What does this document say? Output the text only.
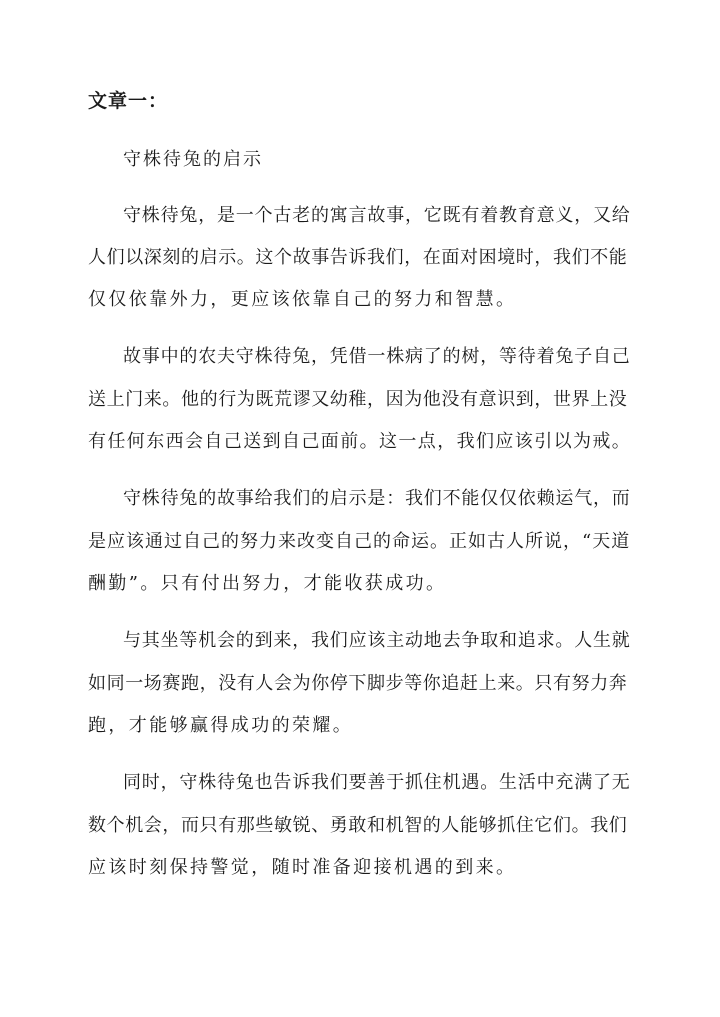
文章一：
守株待兔的启示
守株待兔，是一个古老的寓言故事，它既有着教育意义，又给
人们以深刻的启示。这个故事告诉我们，在面对困境时，我们不能
仅仅依靠外力，更应该依靠自己的努力和智慧。
故事中的农夫守株待兔，凭借一株病了的树，等待着兔子自己
送上门来。他的行为既荒谬又幼稚，因为他没有意识到，世界上没
有任何东西会自己送到自己面前。这一点，我们应该引以为戒。
守株待兔的故事给我们的启示是：我们不能仅仅依赖运气，而
是应该通过自己的努力来改变自己的命运。正如古人所说，“天道
酬勤”。只有付出努力，才能收获成功。
与其坐等机会的到来，我们应该主动地去争取和追求。人生就
如同一场赛跑，没有人会为你停下脚步等你追赶上来。只有努力奔
跑，才能够赢得成功的荣耀。
同时，守株待兔也告诉我们要善于抓住机遇。生活中充满了无
数个机会，而只有那些敏锐、勇敢和机智的人能够抓住它们。我们
应该时刻保持警觉，随时准备迎接机遇的到来。
